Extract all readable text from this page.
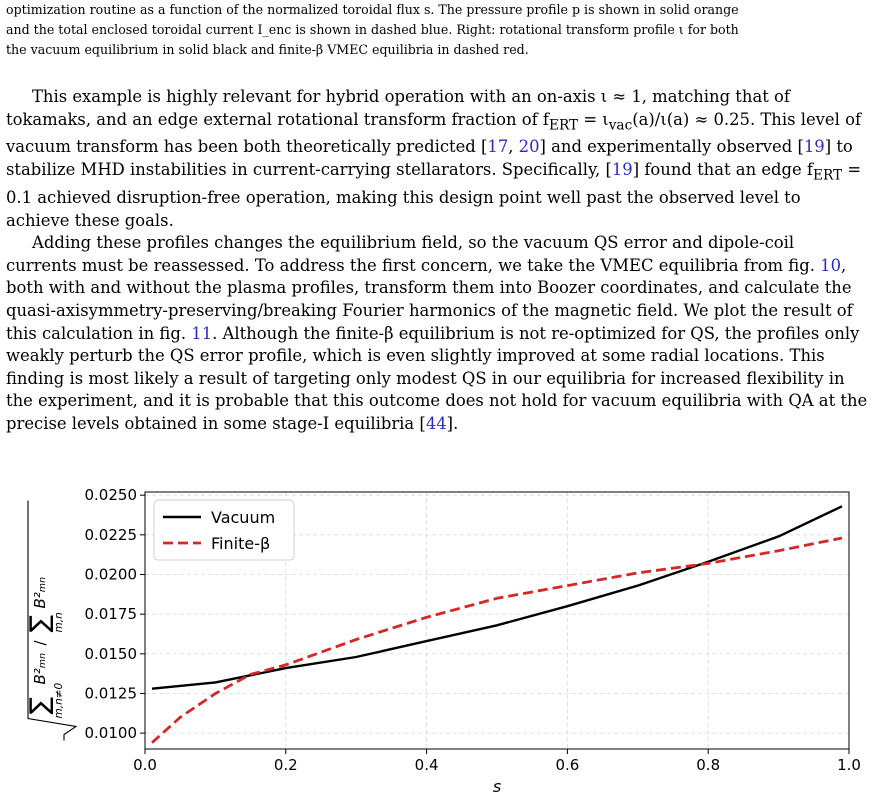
optimization routine as a function of the normalized toroidal flux s. The pressure profile p is shown in solid orange

and the total enclosed toroidal current I_enc is shown in dashed blue. Right: rotational transform profile ι for both

the vacuum equilibrium in solid black and finite-β VMEC equilibria in dashed red.

This example is highly relevant for hybrid operation with an on-axis ι ≈ 1, matching that of tokamaks, and an edge external rotational transform fraction of $f_{ERT} = \iota_{vac}(a)/\iota(a) \approx 0.25$. This level of vacuum transform has been both theoretically predicted [17, 20] and experimentally observed [19] to stabilize MHD instabilities in current-carrying stellarators. Specifically, [19] found that an edge $f_{ERT} = 0.1$ achieved disruption-free operation, making this design point well past the observed level to achieve these goals.

Adding these profiles changes the equilibrium field, so the vacuum QS error and dipole-coil currents must be reassessed. To address the first concern, we take the VMEC equilibria from fig. 10, both with and without the plasma profiles, transform them into Boozer coordinates, and calculate the quasi-axisymmetry-preserving/breaking Fourier harmonics of the magnetic field. We plot the result of this calculation in fig. 11. Although the finite-β equilibrium is not re-optimized for QS, the profiles only weakly perturb the QS error profile, which is even slightly improved at some radial locations. This finding is most likely a result of targeting only modest QS in our equilibria for increased flexibility in the experiment, and it is probable that this outcome does not hold for vacuum equilibria with QA at the precise levels obtained in some stage-I equilibria [44].

0.0	0.2	0.4	0.6	0.8	1.0
0.0100
0.0125
0.0150
0.0175
0.0200
0.0225
0.0250
s
∑
m,n≠0
B²ₘₙ
/
∑
m,n
B²ₘₙ
Vacuum
Finite-β
